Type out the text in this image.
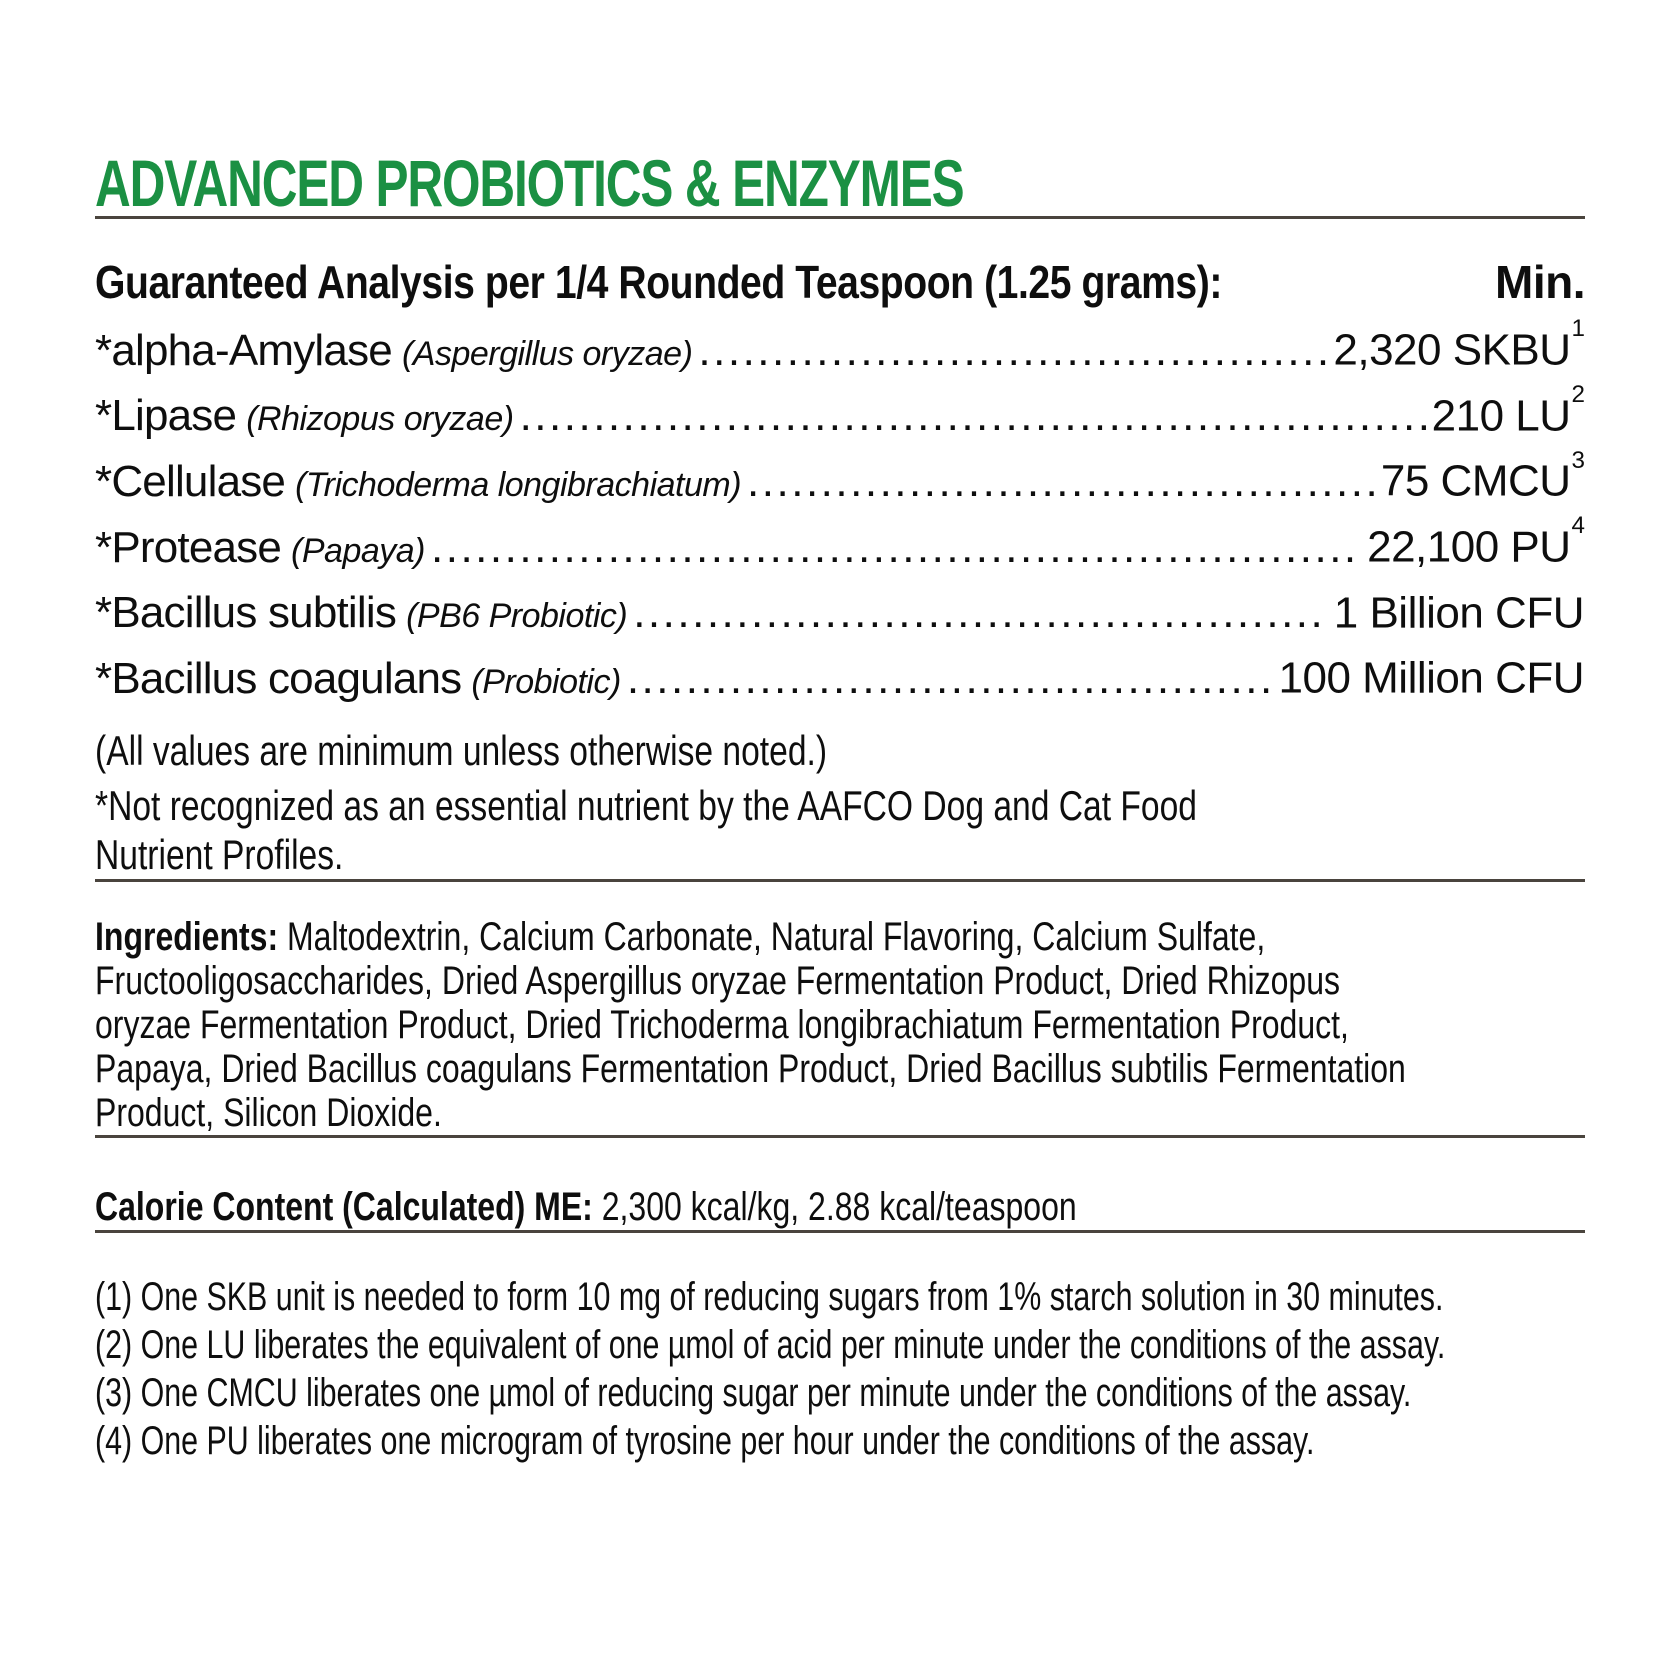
ADVANCED PROBIOTICS & ENZYMES
Guaranteed Analysis per 1/4 Rounded Teaspoon (1.25 grams):	Min.
*alpha-Amylase (Aspergillus oryzae) .....	2,320 SKBU$^1$
*Lipase (Rhizopus oryzae) .....	210 $LU^2$
*Cellulase (Trichoderma longibrachiatum) .....	75 CMCU$^3$
*Protease (Papaya) .....	22,100 $PU^4$
*Bacillus subtilis (PB6 Probiotic) .....	1 Billion CFU
*Bacillus coagulans (Probiotic) .....	100 Million CFU
(All values are minimum unless otherwise noted.)
*Not recognized as an essential nutrient by the AAFCO Dog and Cat Food
Nutrient Profiles.
Ingredients: Maltodextrin, Calcium Carbonate, Natural Flavoring, Calcium Sulfate,
Fructooligosaccharides, Dried Aspergillus oryzae Fermentation Product, Dried Rhizopus
oryzae Fermentation Product, Dried Trichoderma longibrachiatum Fermentation Product,
Papaya, Dried Bacillus coagulans Fermentation Product, Dried Bacillus subtilis Fermentation
Product, Silicon Dioxide.
Calorie Content (Calculated) ME: 2,300 kcal/kg, 2.88 kcal/teaspoon
(1) One SKB unit is needed to form 10 mg of reducing sugars from 1% starch solution in 30 minutes.
(2) One LU liberates the equivalent of one µmol of acid per minute under the conditions of the assay.
(3) One CMCU liberates one µmol of reducing sugar per minute under the conditions of the assay.
(4) One PU liberates one microgram of tyrosine per hour under the conditions of the assay.
